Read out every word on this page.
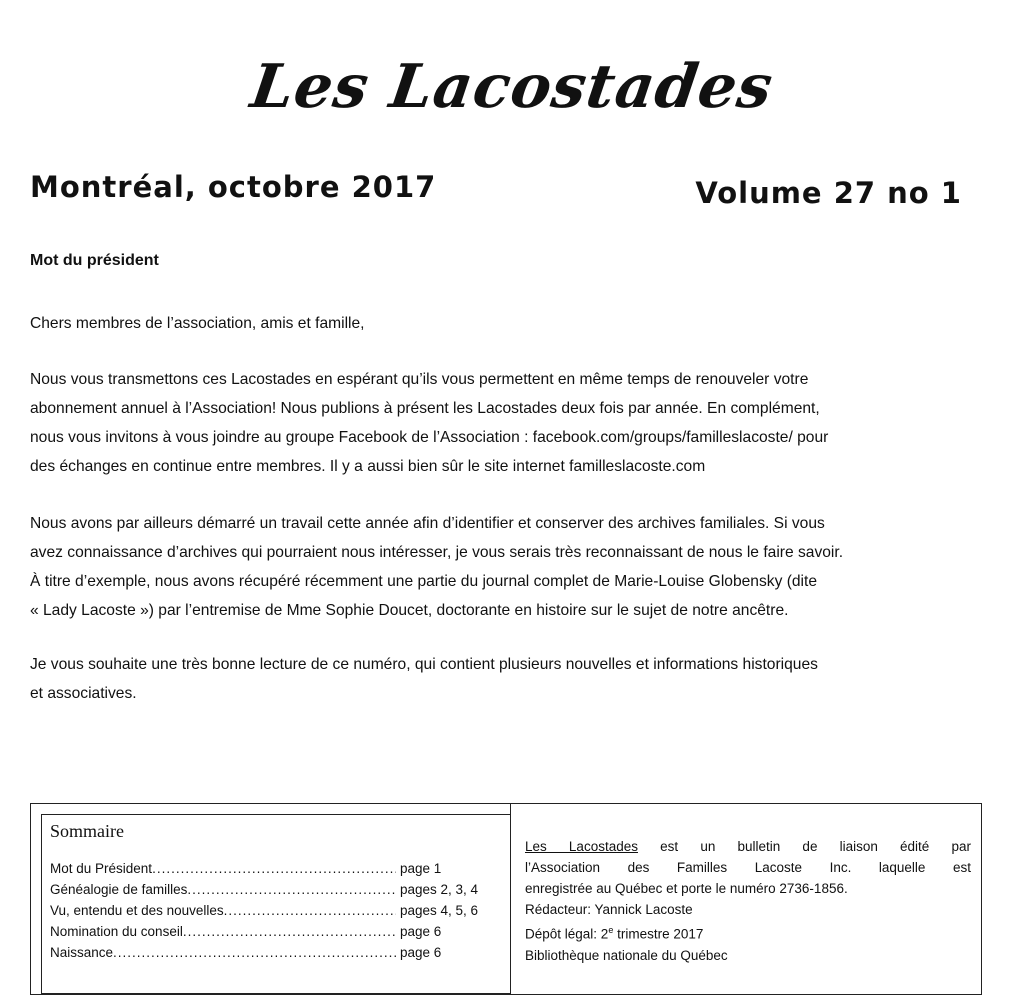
Les Lacostades
Montréal, octobre 2017	Volume 27 no 1
Mot du président

Chers membres de l’association, amis et famille,

Nous vous transmettons ces Lacostades en espérant qu’ils vous permettent en même temps de renouveler votre

abonnement annuel à l’Association! Nous publions à présent les Lacostades deux fois par année. En complément,

nous vous invitons à vous joindre au groupe Facebook de l’Association : facebook.com/groups/familleslacoste/ pour

des échanges en continue entre membres. Il y a aussi bien sûr le site internet familleslacoste.com

Nous avons par ailleurs démarré un travail cette année afin d’identifier et conserver des archives familiales. Si vous

avez connaissance d’archives qui pourraient nous intéresser, je vous serais très reconnaissant de nous le faire savoir.

À titre d’exemple, nous avons récupéré récemment une partie du journal complet de Marie-Louise Globensky (dite

« Lady Lacoste ») par l’entremise de Mme Sophie Doucet, doctorante en histoire sur le sujet de notre ancêtre.

Je vous souhaite une très bonne lecture de ce numéro, qui contient plusieurs nouvelles et informations historiques

et associatives.

Sommaire
Mot du Président .....	page 1
Généalogie de familles .....	pages 2, 3, 4
Vu, entendu et des nouvelles .....	pages 4, 5, 6
Nomination du conseil .....	page 6
Naissance .....	page 6

Les Lacostades est un bulletin de liaison édité par

l’Association des Familles Lacoste Inc. laquelle est

enregistrée au Québec et porte le numéro 2736-1856.

Rédacteur: Yannick Lacoste

Dépôt légal: 2e trimestre 2017

Bibliothèque nationale du Québec
